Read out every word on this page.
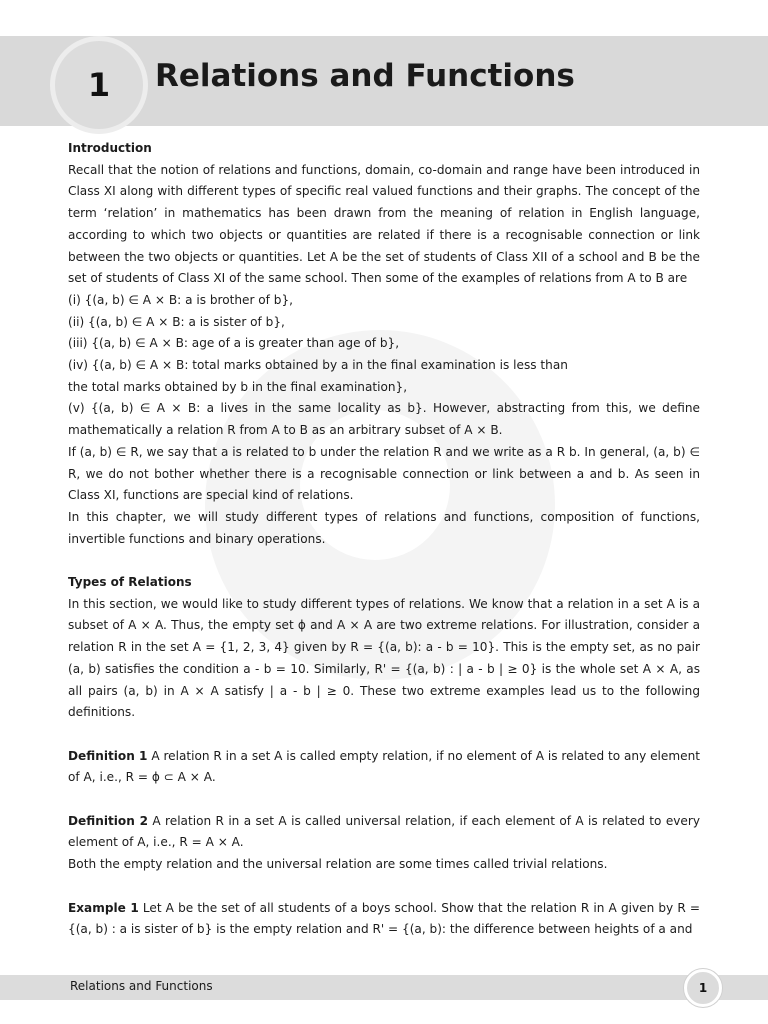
1 Relations and Functions

Introduction

Recall that the notion of relations and functions, domain, co-domain and range have been introduced in Class XI along with different types of specific real valued functions and their graphs. The concept of the term ‘relation’ in mathematics has been drawn from the meaning of relation in English language, according to which two objects or quantities are related if there is a recognisable connection or link between the two objects or quantities. Let A be the set of students of Class XII of a school and B be the set of students of Class XI of the same school. Then some of the examples of relations from A to B are

(i) {(a, b) ∈ A × B: a is brother of b},

(ii) {(a, b) ∈ A × B: a is sister of b},

(iii) {(a, b) ∈ A × B: age of a is greater than age of b},

(iv) {(a, b) ∈ A × B: total marks obtained by a in the final examination is less than

the total marks obtained by b in the final examination},

(v) {(a, b) ∈ A × B: a lives in the same locality as b}. However, abstracting from this, we define mathematically a relation R from A to B as an arbitrary subset of A × B.

If (a, b) ∈ R, we say that a is related to b under the relation R and we write as a R b. In general, (a, b) ∈ R, we do not bother whether there is a recognisable connection or link between a and b. As seen in Class XI, functions are special kind of relations.

In this chapter, we will study different types of relations and functions, composition of functions, invertible functions and binary operations.

Types of Relations

In this section, we would like to study different types of relations. We know that a relation in a set A is a subset of A × A. Thus, the empty set ϕ and A × A are two extreme relations. For illustration, consider a relation R in the set A = {1, 2, 3, 4} given by R = {(a, b): a - b = 10}. This is the empty set, as no pair (a, b) satisfies the condition a - b = 10. Similarly, R' = {(a, b) : | a - b | ≥ 0} is the whole set A × A, as all pairs (a, b) in A × A satisfy | a - b | ≥ 0. These two extreme examples lead us to the following definitions.

Definition 1 A relation R in a set A is called empty relation, if no element of A is related to any element of A, i.e., R = ϕ ⊂ A × A.

Definition 2 A relation R in a set A is called universal relation, if each element of A is related to every element of A, i.e., R = A × A.

Both the empty relation and the universal relation are some times called trivial relations.

Example 1 Let A be the set of all students of a boys school. Show that the relation R in A given by R = {(a, b) : a is sister of b} is the empty relation and R' = {(a, b): the difference between heights of a and

Relations and Functions	1
